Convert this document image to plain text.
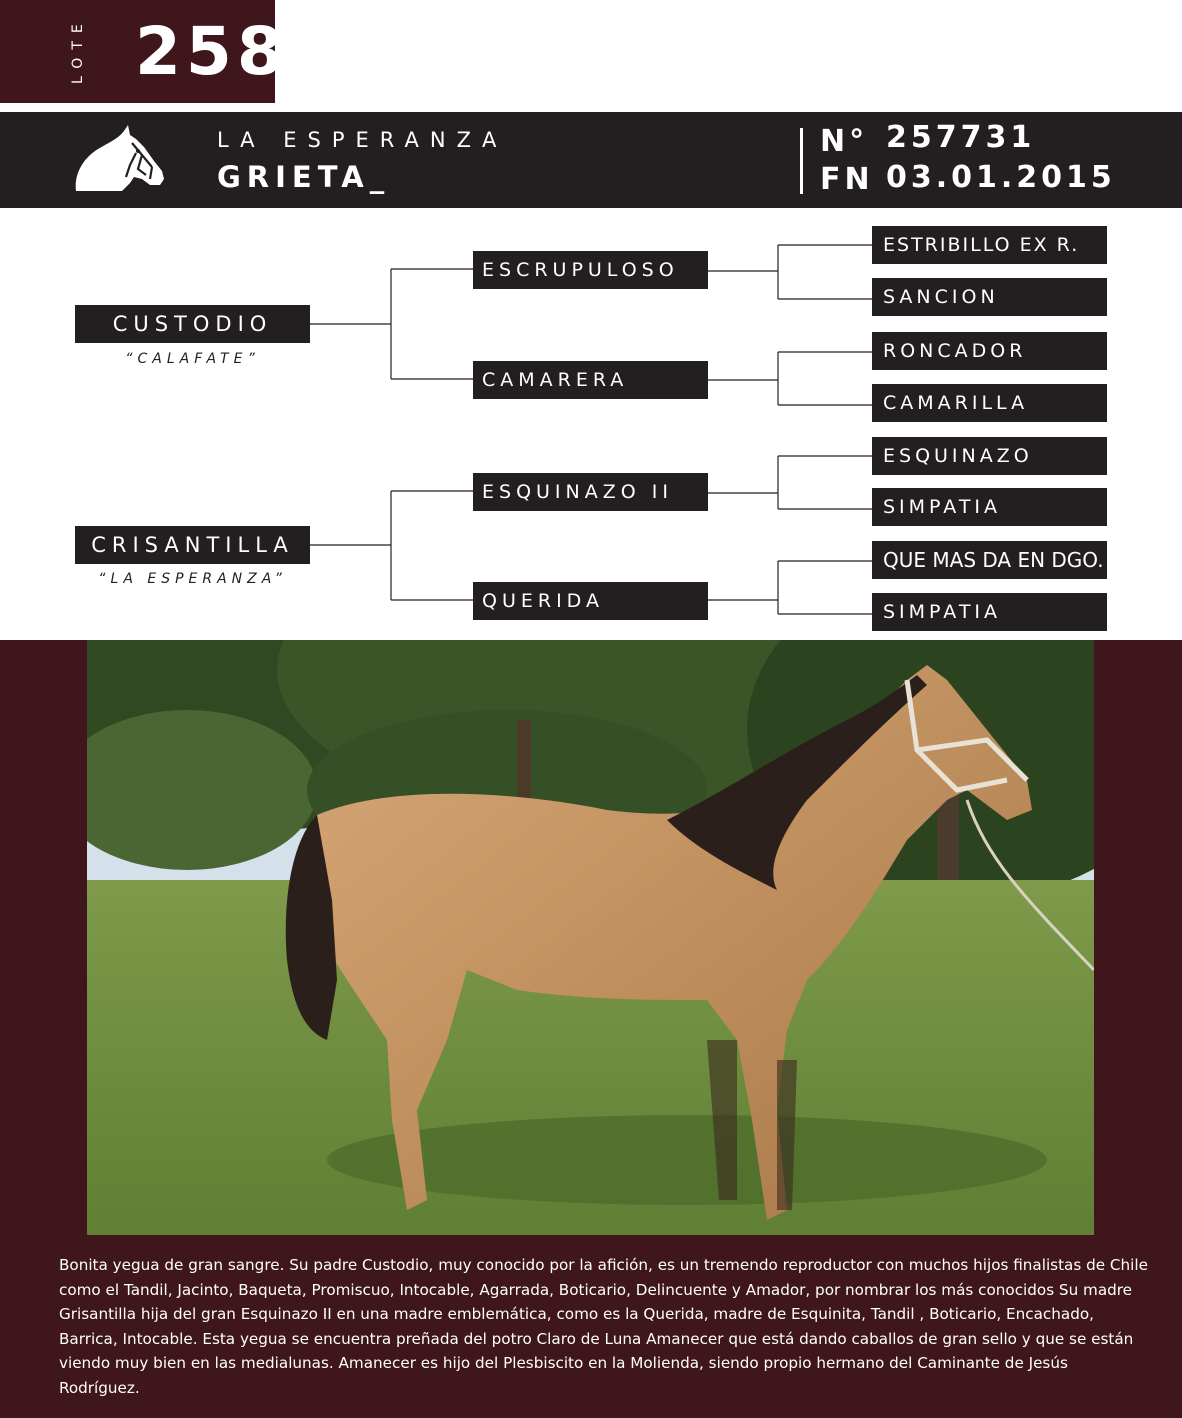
LOTE 258
LA ESPERANZA
GRIETA_
N° 257731
FN 03.01.2015
CUSTODIO
“CALAFATE”
CRISANTILLA
“LA ESPERANZA”
ESCRUPULOSO
CAMARERA
ESQUINAZO II
QUERIDA
ESTRIBILLO EX R.
SANCION
RONCADOR
CAMARILLA
ESQUINAZO
SIMPATIA
QUE MAS DA EN DGO.
SIMPATIA
Bonita yegua de gran sangre. Su padre Custodio, muy conocido por la afición, es un tremendo reproductor con muchos hijos finalistas de Chile como el Tandil, Jacinto, Baqueta, Promiscuo, Intocable, Agarrada, Boticario, Delincuente y Amador, por nombrar los más conocidos Su madre Grisantilla hija del gran Esquinazo II en una madre emblemática, como es la Querida, madre de Esquinita, Tandil , Boticario, Encachado, Barrica, Intocable. Esta yegua se encuentra preñada del potro Claro de Luna Amanecer que está dando caballos de gran sello y que se están viendo muy bien en las medialunas. Amanecer es hijo del Plesbiscito en la Molienda, siendo propio hermano del Caminante de Jesús Rodríguez.
